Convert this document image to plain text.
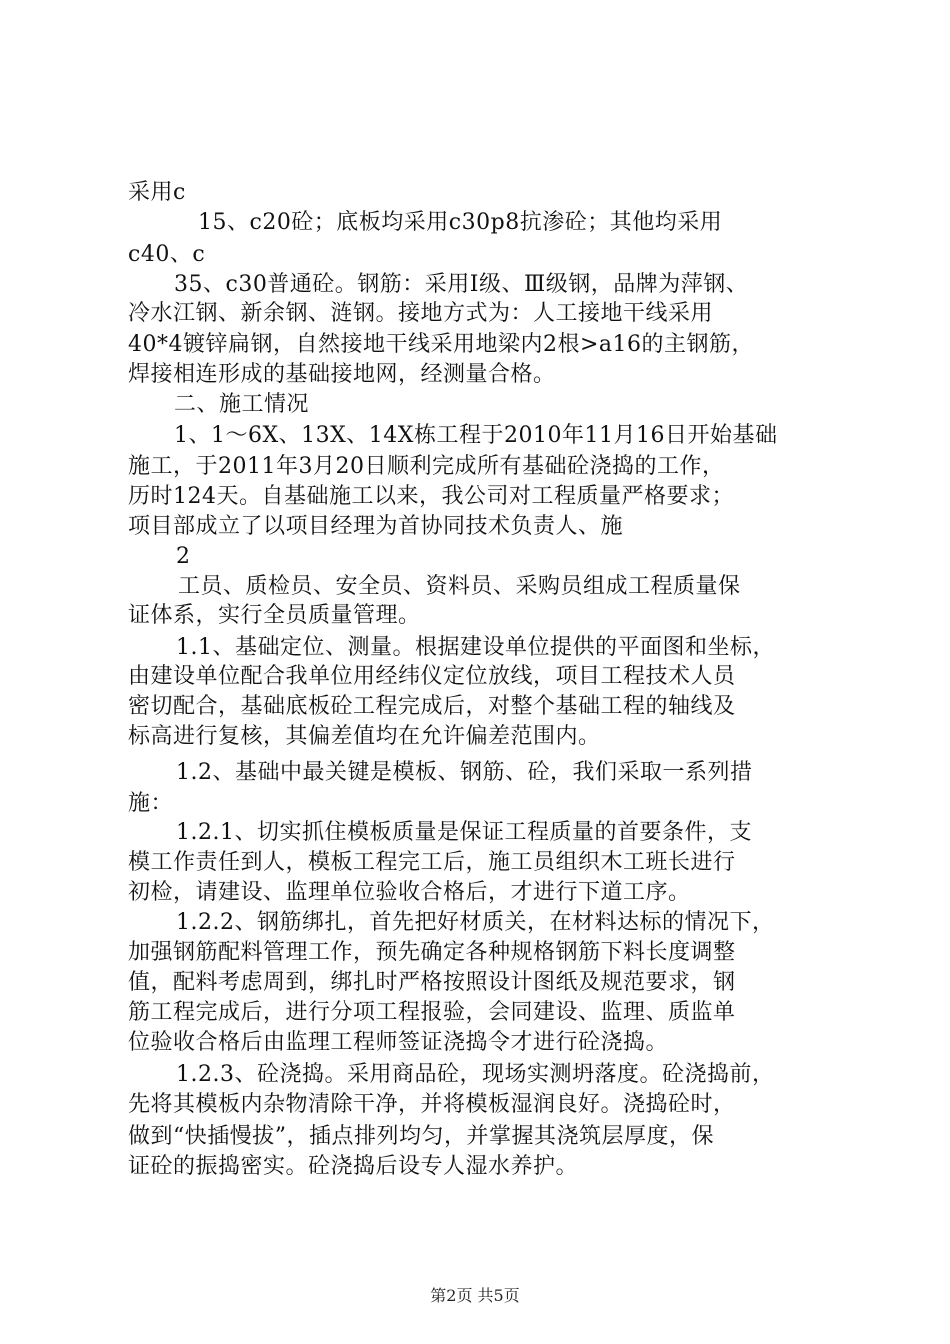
采用c
15、c20砼；底板均采用c30p8抗渗砼；其他均采用
c40、c
35、c30普通砼。钢筋：采用Ⅰ级、Ⅲ级钢，品牌为萍钢、
冷水江钢、新余钢、涟钢。接地方式为：人工接地干线采用
40*4镀锌扁钢，自然接地干线采用地梁内2根>a16的主钢筋，
焊接相连形成的基础接地网，经测量合格。
二、施工情况
1、1～6X、13X、14X栋工程于2010年11月16日开始基础
施工，于2011年3月20日顺利完成所有基础砼浇捣的工作，
历时124天。自基础施工以来，我公司对工程质量严格要求；
项目部成立了以项目经理为首协同技术负责人、施
2
工员、质检员、安全员、资料员、采购员组成工程质量保
证体系，实行全员质量管理。
1.1、基础定位、测量。根据建设单位提供的平面图和坐标，
由建设单位配合我单位用经纬仪定位放线，项目工程技术人员
密切配合，基础底板砼工程完成后，对整个基础工程的轴线及
标高进行复核，其偏差值均在允许偏差范围内。
1.2、基础中最关键是模板、钢筋、砼，我们采取一系列措
施：
1.2.1、切实抓住模板质量是保证工程质量的首要条件，支
模工作责任到人，模板工程完工后，施工员组织木工班长进行
初检，请建设、监理单位验收合格后，才进行下道工序。
1.2.2、钢筋绑扎，首先把好材质关，在材料达标的情况下，
加强钢筋配料管理工作，预先确定各种规格钢筋下料长度调整
值，配料考虑周到，绑扎时严格按照设计图纸及规范要求，钢
筋工程完成后，进行分项工程报验，会同建设、监理、质监单
位验收合格后由监理工程师签证浇捣令才进行砼浇捣。
1.2.3、砼浇捣。采用商品砼，现场实测坍落度。砼浇捣前，
先将其模板内杂物清除干净，并将模板湿润良好。浇捣砼时，
做到“快插慢拔”，插点排列均匀，并掌握其浇筑层厚度，保
证砼的振捣密实。砼浇捣后设专人湿水养护。
第2页 共5页
